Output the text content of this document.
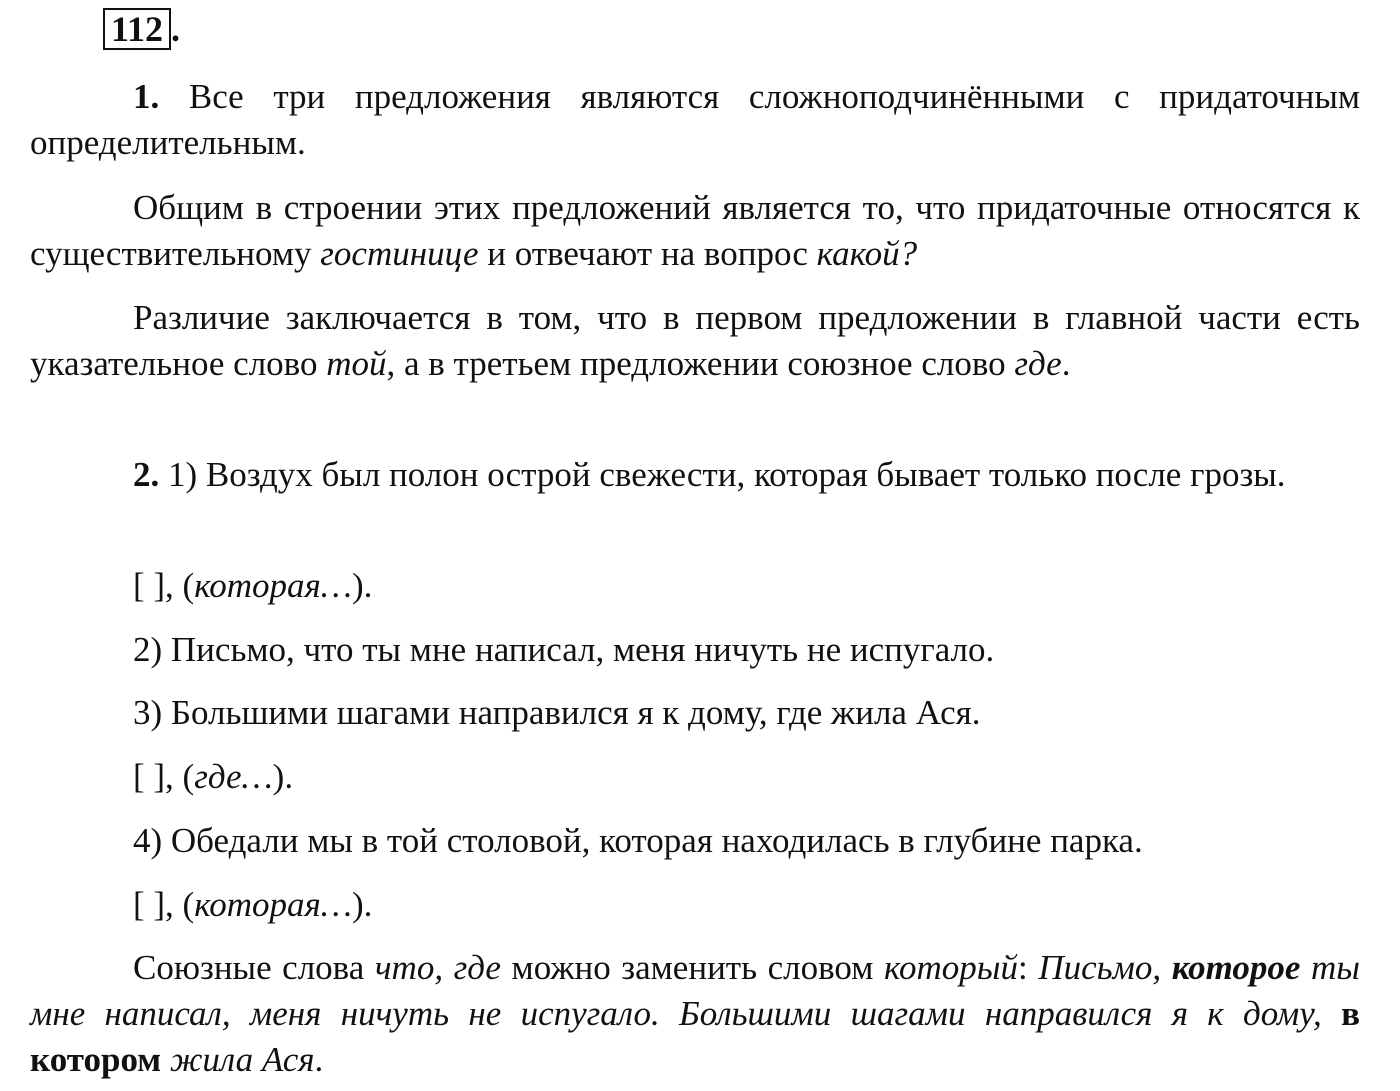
112 .

1. Все три предложения являются сложноподчинёнными с придаточным определительным.

Общим в строении этих предложений является то, что придаточные относятся к существительному гостинице и отвечают на вопрос какой?

Различие заключается в том, что в первом предложении в главной части есть указательное слово той, а в третьем предложении союзное слово где.

2. 1) Воздух был полон острой свежести, которая бывает только после грозы.

[ ], (которая…).

2) Письмо, что ты мне написал, меня ничуть не испугало.

3) Большими шагами направился я к дому, где жила Ася.

[ ], (где…).

4) Обедали мы в той столовой, которая находилась в глубине парка.

[ ], (которая…).

Союзные слова что, где можно заменить словом который: Письмо, которое ты мне написал, меня ничуть не испугало. Большими шагами направился я к дому, в котором жила Ася.
